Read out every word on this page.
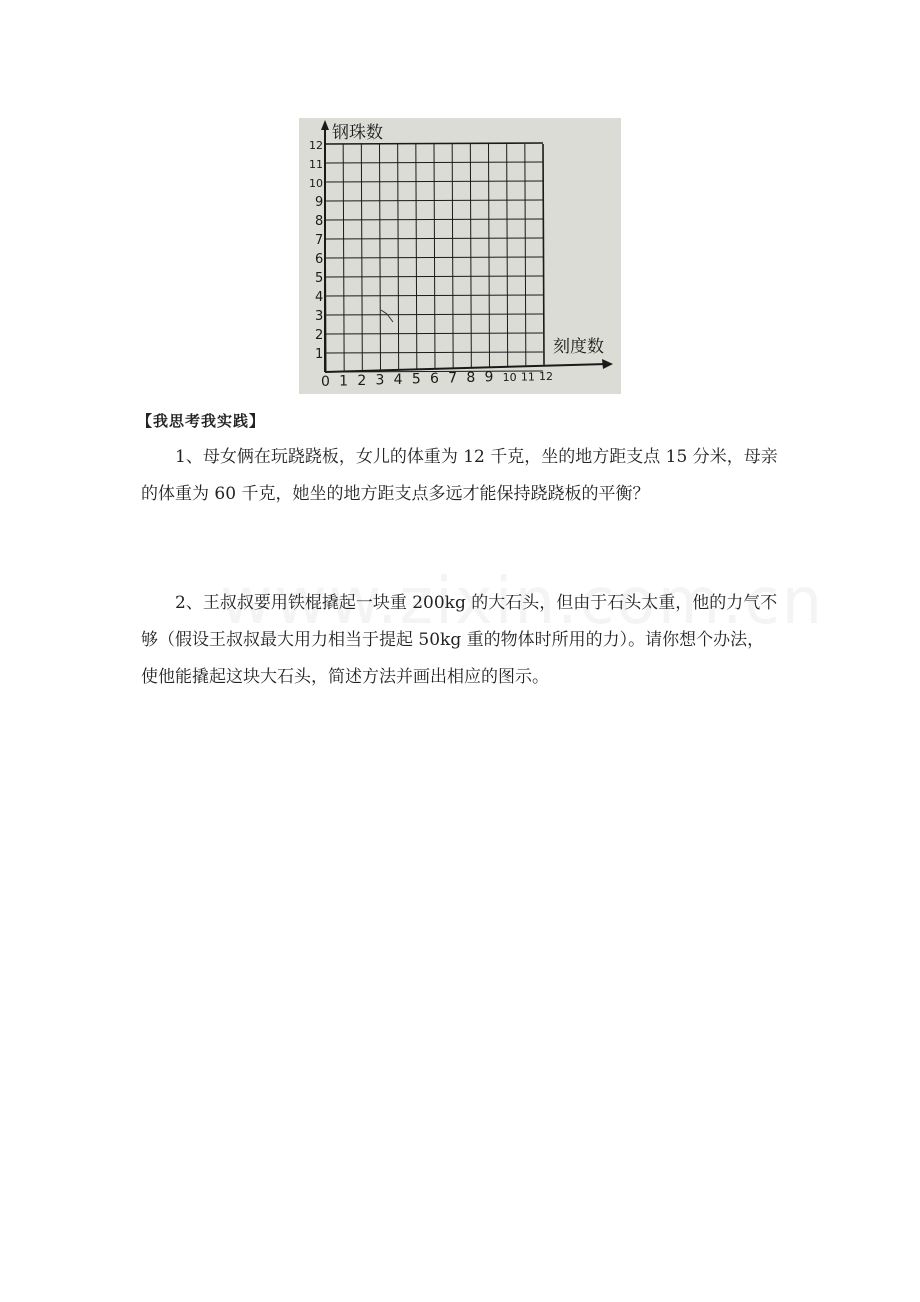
钢珠数
刻度数
1
2
3
4
5
6
7
8
9
10
11
12
0 1 2 3 4 5 6 7 8 9 10 11 12
【我思考我实践】

1、母女俩在玩跷跷板，女儿的体重为 12 千克，坐的地方距支点 15 分米，母亲的体重为 60 千克，她坐的地方距支点多远才能保持跷跷板的平衡？

2、王叔叔要用铁棍撬起一块重 200kg 的大石头，但由于石头太重，他的力气不够（假设王叔叔最大用力相当于提起 50kg 重的物体时所用的力）。请你想个办法，使他能撬起这块大石头，简述方法并画出相应的图示。
